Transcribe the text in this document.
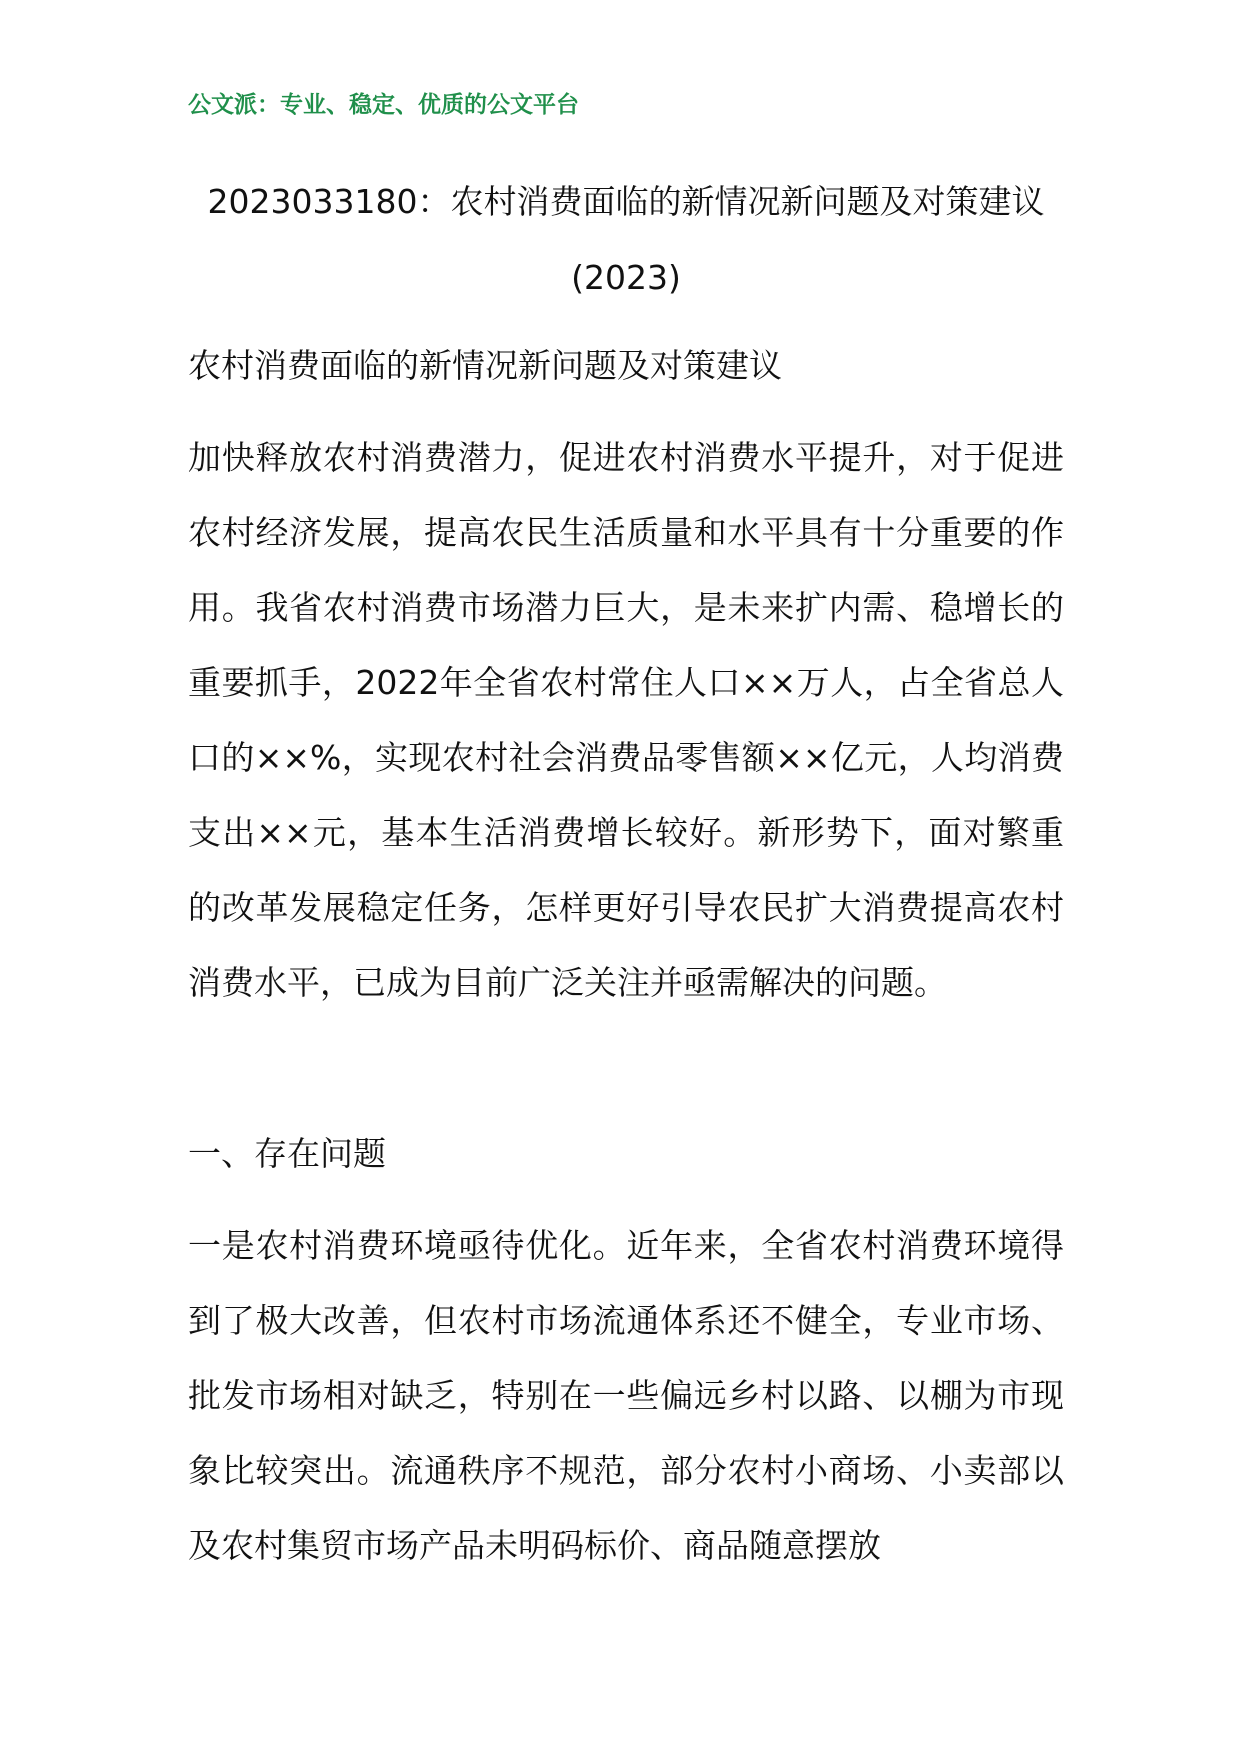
公文派：专业、稳定、优质的公文平台
2023033180：农村消费面临的新情况新问题及对策建议(2023)

农村消费面临的新情况新问题及对策建议

加快释放农村消费潜力，促进农村消费水平提升，对于促进农村经济发展，提高农民生活质量和水平具有十分重要的作用。我省农村消费市场潜力巨大，是未来扩内需、稳增长的重要抓手，2022年全省农村常住人口××万人，占全省总人口的××%，实现农村社会消费品零售额××亿元，人均消费支出××元，基本生活消费增长较好。新形势下，面对繁重的改革发展稳定任务，怎样更好引导农民扩大消费提高农村消费水平，已成为目前广泛关注并亟需解决的问题。

一、存在问题

一是农村消费环境亟待优化。近年来，全省农村消费环境得到了极大改善，但农村市场流通体系还不健全，专业市场、批发市场相对缺乏，特别在一些偏远乡村以路、以棚为市现象比较突出。流通秩序不规范，部分农村小商场、小卖部以及农村集贸市场产品未明码标价、商品随意摆放
